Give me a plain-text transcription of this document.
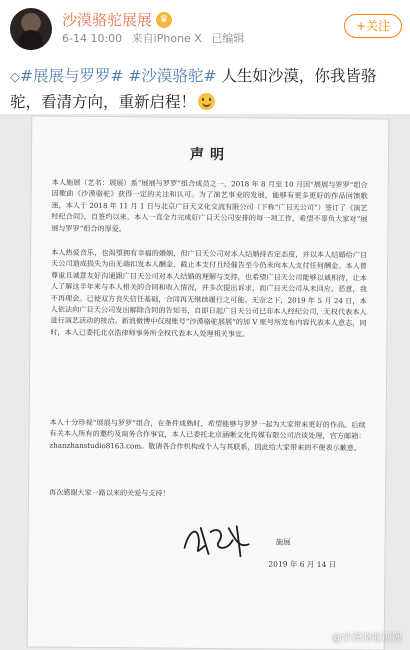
沙漠骆驼展展 ♛
6-14 10:00 来自iPhone X 已编辑
+关注
◇#展展与罗罗# #沙漠骆驼# 人生如沙漠，你我皆骆驼，看清方向，重新启程！
声明
本人施展（艺名：展展）系“展展与罗罗”组合成员之一，2018 年 8 月至 10 月因“展展与罗罗”组合因歌曲《沙漠骆驼》获得一定的关注和认可。为了演艺事业的发展，能够有更多更好的作品回馈歌迷，本人于 2018 年 11 月 1 日与北京广目天文化交流有限公司（下称“广目天公司”）签订了《演艺经纪合同》，自签约以来，本人一直全力完成好广目天公司安排的每一项工作，希望不辜负大家对“展展与罗罗”组合的厚爱。
本人热爱音乐，也渴望拥有幸福的婚姻，但广目天公司对本人结婚持否定态度，并以本人结婚给广目天公司造成损失为由无端扣发本人酬金，截止本支付且经催告至今仍未向本人支付任何酬金。本人曾尊重且诚意友好沟通跟广目天公司对本人结婚的理解与支持，也希望广目天公司能够以诚相待，让本人了解这半年来与本人相关的合同和收入情况，并多次提出诉求，而广目天公司从未回应，恶意，我不再理会。已使双方丧失信任基础，合同再无继续履行之可能。无奈之下，2019 年 5 月 24 日，本人依法向广目天公司发出解除合同的告知书，自即日起广目天公司已非本人经纪公司，无权代表本人进行演艺活动的接洽。新浪微博中仅现账号“沙漠骆驼展展”的加 V 账号所发布内容代表本人意志，同时，本人已委托北京浩律师事务所全权代表本人处理相关事宜。
本人十分珍视“展展与罗罗”组合，在条件成熟时，希望能够与罗罗一起为大家带来更好的作品。后续有关本人所有的邀约及商务合作事宜，本人已委托北京涵晰文化传媒有限公司洽谈处理，官方邮箱：zhanzhanstudio8163.com。敬请各合作机构或个人与其联系，因此给大家带来的不便表示歉意。
再次感谢大家一路以来的关爱与支持！
施展
2019 年 6 月 14 日
@沙漠骆驼展展
